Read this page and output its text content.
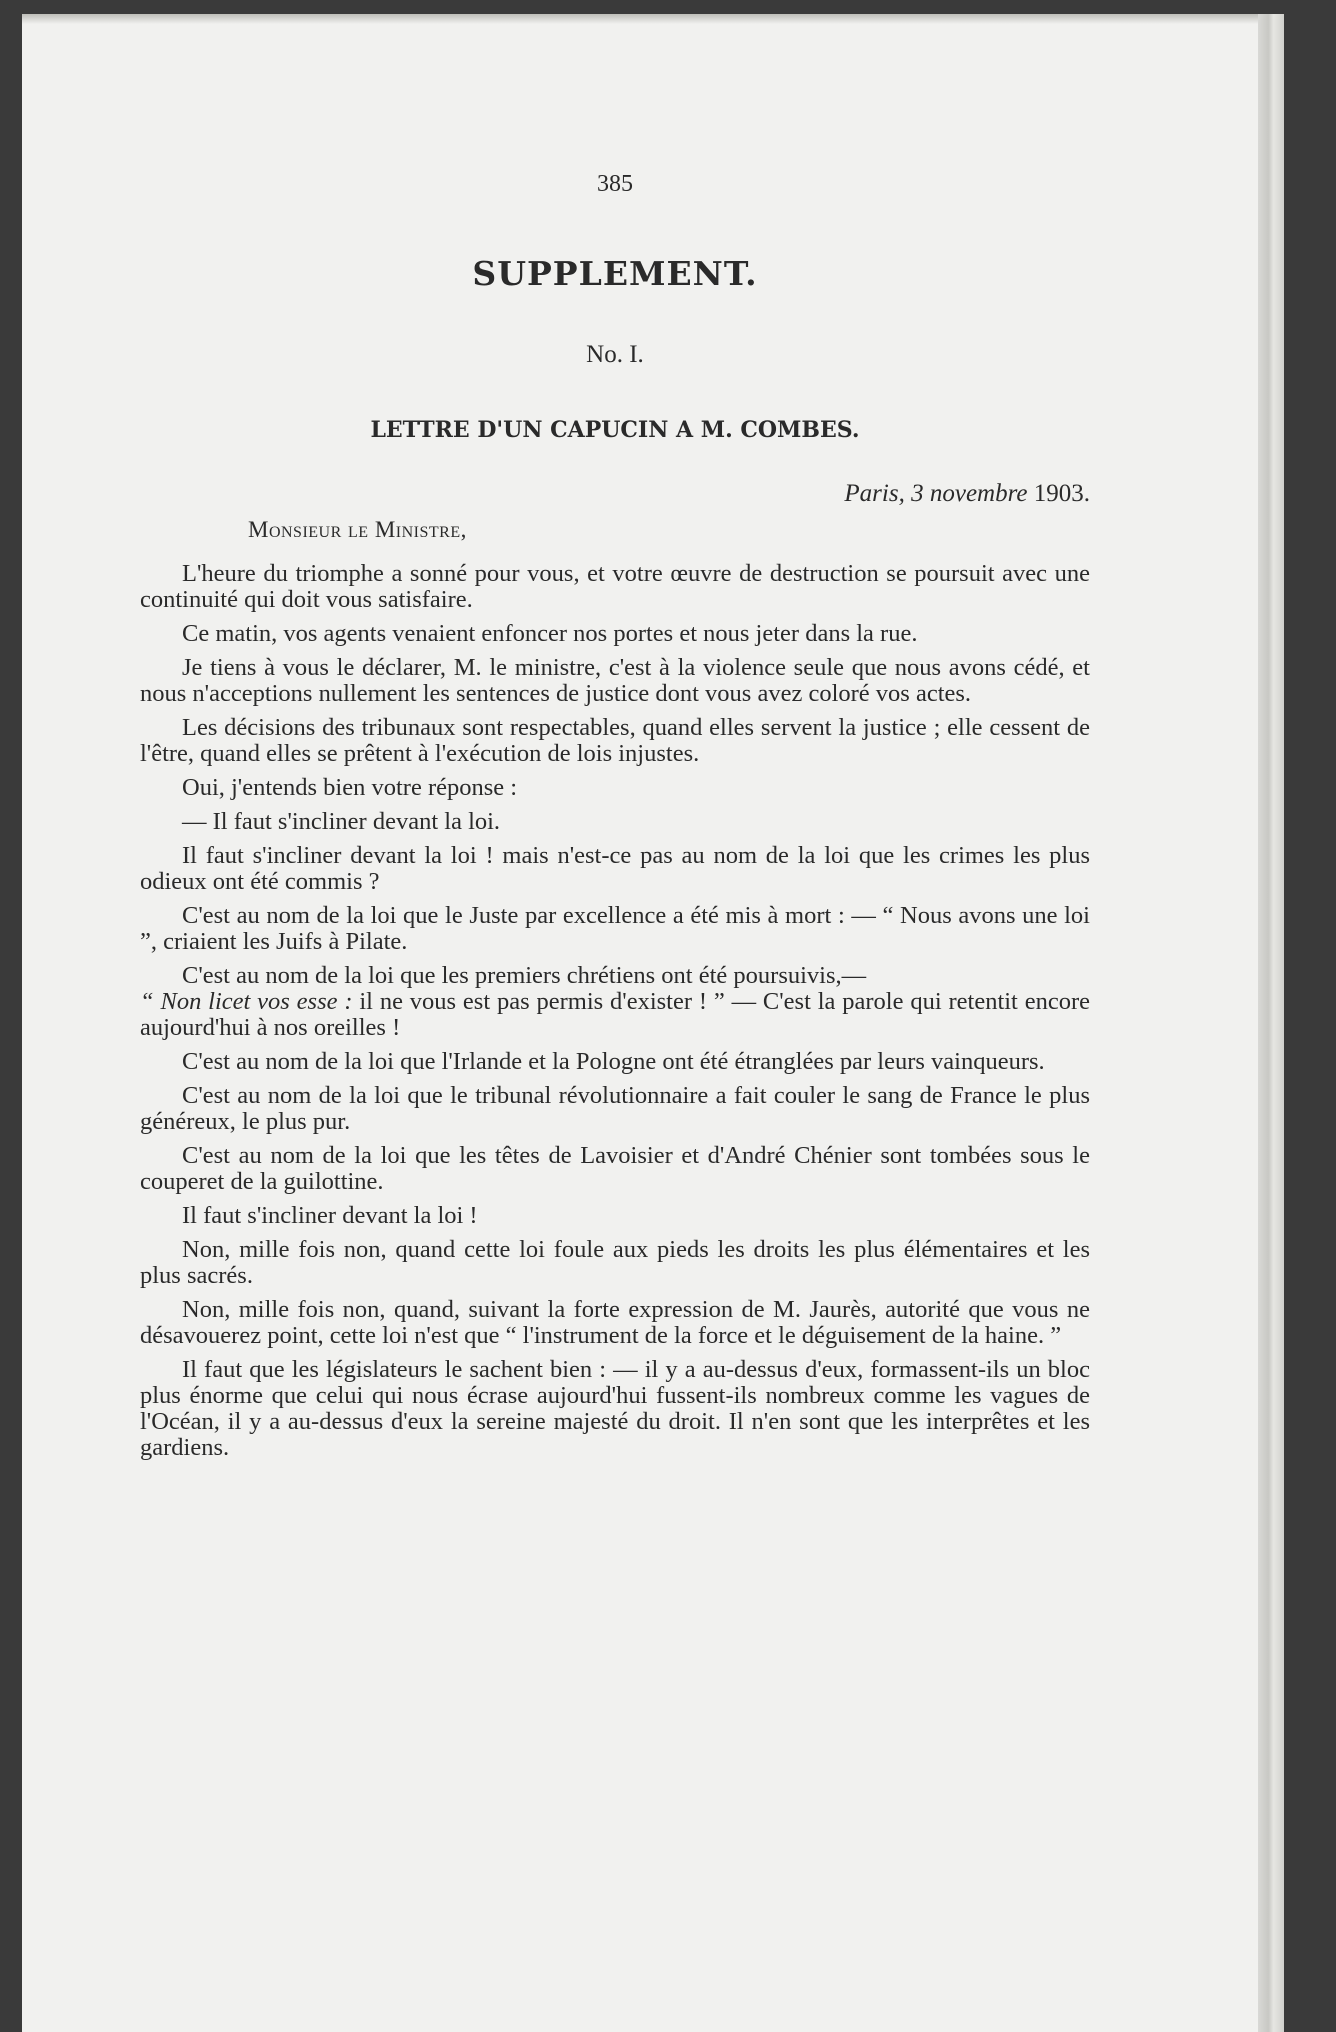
385
SUPPLEMENT.
No. I.
LETTRE D'UN CAPUCIN A M. COMBES.
Paris, 3 novembre 1903.
Monsieur le Ministre,

L'heure du triomphe a sonné pour vous, et votre œuvre de destruction se poursuit avec une continuité qui doit vous satisfaire.

Ce matin, vos agents venaient enfoncer nos portes et nous jeter dans la rue.

Je tiens à vous le déclarer, M. le ministre, c'est à la violence seule que nous avons cédé, et nous n'acceptions nullement les sentences de justice dont vous avez coloré vos actes.

Les décisions des tribunaux sont respectables, quand elles servent la justice ; elle cessent de l'être, quand elles se prêtent à l'exécution de lois injustes.

Oui, j'entends bien votre réponse :

— Il faut s'incliner devant la loi.

Il faut s'incliner devant la loi ! mais n'est-ce pas au nom de la loi que les crimes les plus odieux ont été commis ?

C'est au nom de la loi que le Juste par excellence a été mis à mort : — “ Nous avons une loi ”, criaient les Juifs à Pilate.

C'est au nom de la loi que les premiers chrétiens ont été poursuivis,—
“ Non licet vos esse : il ne vous est pas permis d'exister ! ” — C'est la parole qui retentit encore aujourd'hui à nos oreilles !

C'est au nom de la loi que l'Irlande et la Pologne ont été étranglées par leurs vainqueurs.

C'est au nom de la loi que le tribunal révolutionnaire a fait couler le sang de France le plus généreux, le plus pur.

C'est au nom de la loi que les têtes de Lavoisier et d'André Chénier sont tombées sous le couperet de la guilottine.

Il faut s'incliner devant la loi !

Non, mille fois non, quand cette loi foule aux pieds les droits les plus élémentaires et les plus sacrés.

Non, mille fois non, quand, suivant la forte expression de M. Jaurès, autorité que vous ne désavouerez point, cette loi n'est que “ l'instrument de la force et le déguisement de la haine. ”

Il faut que les législateurs le sachent bien : — il y a au-dessus d'eux, formassent-ils un bloc plus énorme que celui qui nous écrase aujourd'hui fussent-ils nombreux comme les vagues de l'Océan, il y a au-dessus d'eux la sereine majesté du droit. Il n'en sont que les interprêtes et les gardiens.
